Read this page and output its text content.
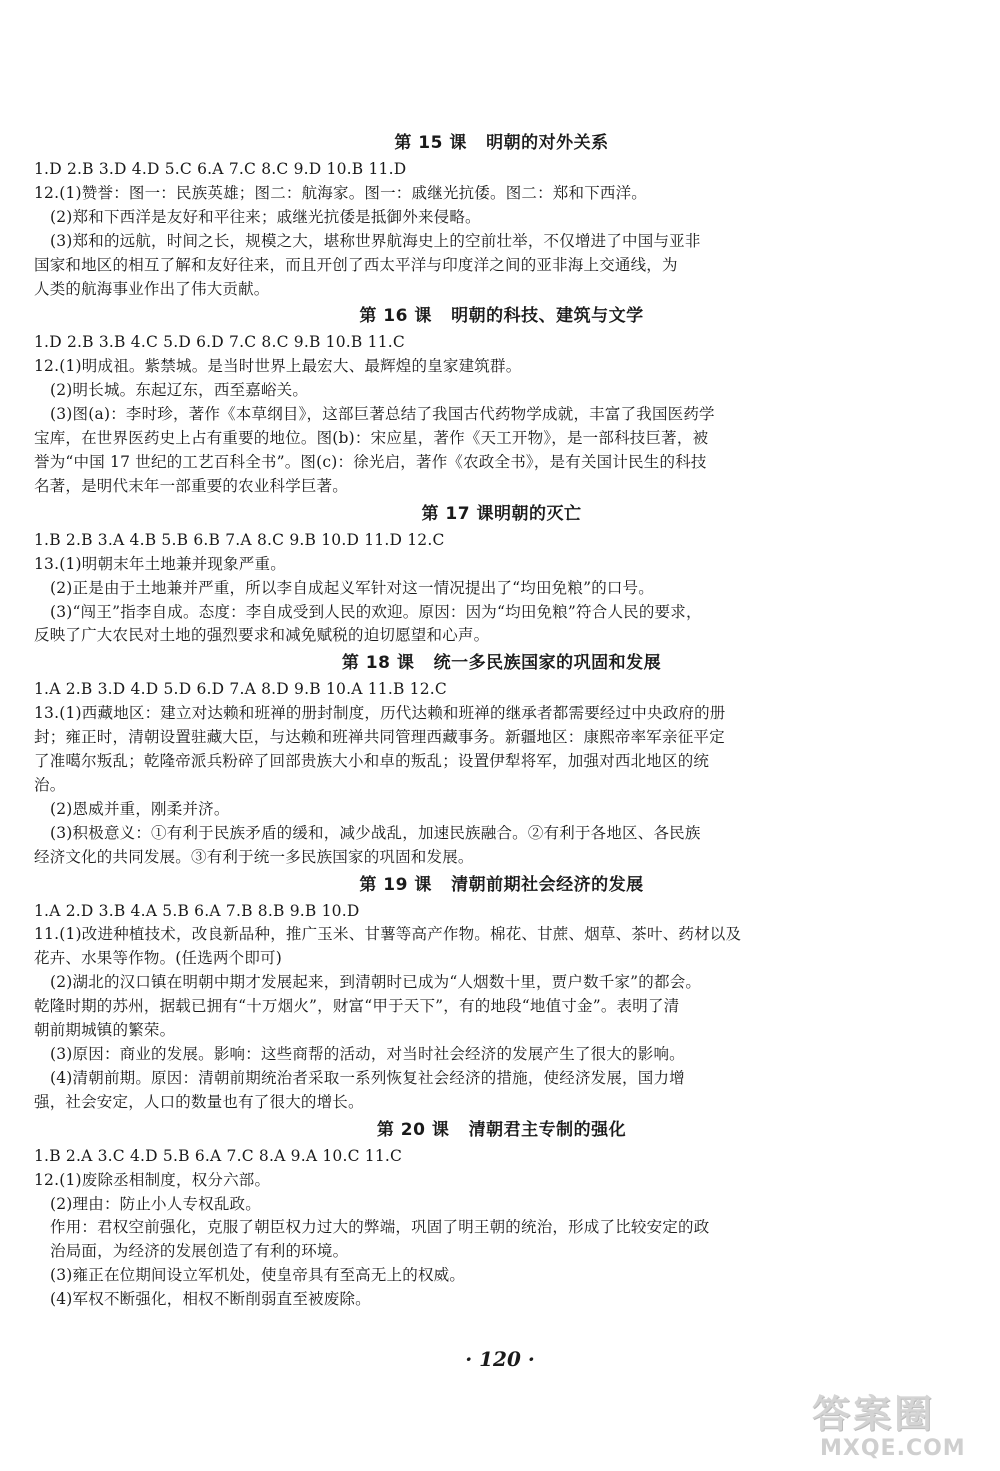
第 15 课   明朝的对外关系

1.D 2.B 3.D 4.D 5.C 6.A 7.C 8.C 9.D 10.B 11.D

12.(1)赞誉：图一：民族英雄；图二：航海家。图一：戚继光抗倭。图二：郑和下西洋。

(2)郑和下西洋是友好和平往来；戚继光抗倭是抵御外来侵略。

(3)郑和的远航，时间之长，规模之大，堪称世界航海史上的空前壮举，不仅增进了中国与亚非

国家和地区的相互了解和友好往来，而且开创了西太平洋与印度洋之间的亚非海上交通线，为

人类的航海事业作出了伟大贡献。

第 16 课   明朝的科技、建筑与文学

1.D 2.B 3.B 4.C 5.D 6.D 7.C 8.C 9.B 10.B 11.C

12.(1)明成祖。紫禁城。是当时世界上最宏大、最辉煌的皇家建筑群。

(2)明长城。东起辽东，西至嘉峪关。

(3)图(a)：李时珍，著作《本草纲目》，这部巨著总结了我国古代药物学成就，丰富了我国医药学

宝库，在世界医药史上占有重要的地位。图(b)：宋应星，著作《天工开物》，是一部科技巨著，被

誉为“中国 17 世纪的工艺百科全书”。图(c)：徐光启，著作《农政全书》，是有关国计民生的科技

名著，是明代末年一部重要的农业科学巨著。

第 17 课明朝的灭亡

1.B 2.B 3.A 4.B 5.B 6.B 7.A 8.C 9.B 10.D 11.D 12.C

13.(1)明朝末年土地兼并现象严重。

(2)正是由于土地兼并严重，所以李自成起义军针对这一情况提出了“均田免粮”的口号。

(3)“闯王”指李自成。态度：李自成受到人民的欢迎。原因：因为“均田免粮”符合人民的要求，

反映了广大农民对土地的强烈要求和减免赋税的迫切愿望和心声。

第 18 课   统一多民族国家的巩固和发展

1.A 2.B 3.D 4.D 5.D 6.D 7.A 8.D 9.B 10.A 11.B 12.C

13.(1)西藏地区：建立对达赖和班禅的册封制度，历代达赖和班禅的继承者都需要经过中央政府的册

封；雍正时，清朝设置驻藏大臣，与达赖和班禅共同管理西藏事务。新疆地区：康熙帝率军亲征平定

了准噶尔叛乱；乾隆帝派兵粉碎了回部贵族大小和卓的叛乱；设置伊犁将军，加强对西北地区的统

治。

(2)恩威并重，刚柔并济。

(3)积极意义：①有利于民族矛盾的缓和，减少战乱，加速民族融合。②有利于各地区、各民族

经济文化的共同发展。③有利于统一多民族国家的巩固和发展。

第 19 课   清朝前期社会经济的发展

1.A 2.D 3.B 4.A 5.B 6.A 7.B 8.B 9.B 10.D

11.(1)改进种植技术，改良新品种，推广玉米、甘薯等高产作物。棉花、甘蔗、烟草、茶叶、药材以及

花卉、水果等作物。(任选两个即可)

(2)湖北的汉口镇在明朝中期才发展起来，到清朝时已成为“人烟数十里，贾户数千家”的都会。

乾隆时期的苏州，据载已拥有“十万烟火”，财富“甲于天下”，有的地段“地值寸金”。表明了清

朝前期城镇的繁荣。

(3)原因：商业的发展。影响：这些商帮的活动，对当时社会经济的发展产生了很大的影响。

(4)清朝前期。原因：清朝前期统治者采取一系列恢复社会经济的措施，使经济发展，国力增

强，社会安定，人口的数量也有了很大的增长。

第 20 课   清朝君主专制的强化

1.B 2.A 3.C 4.D 5.B 6.A 7.C 8.A 9.A 10.C 11.C

12.(1)废除丞相制度，权分六部。

(2)理由：防止小人专权乱政。

作用：君权空前强化，克服了朝臣权力过大的弊端，巩固了明王朝的统治，形成了比较安定的政

治局面，为经济的发展创造了有利的环境。

(3)雍正在位期间设立军机处，使皇帝具有至高无上的权威。

(4)军权不断强化，相权不断削弱直至被废除。

· 120 ·
答案圈
MXQE.COM
